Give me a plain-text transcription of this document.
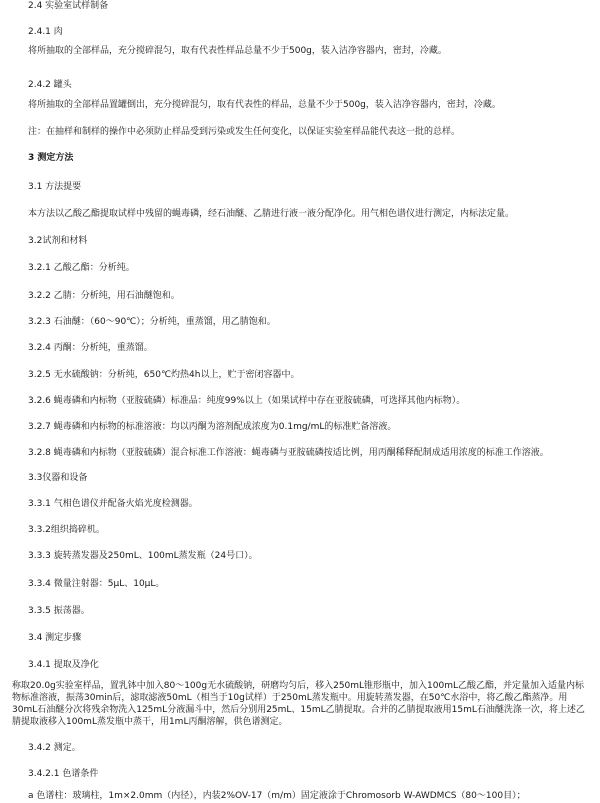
2.4 实验室试样制备

2.4.1 肉

将所抽取的全部样品，充分搅碎混匀，取有代表性样品总量不少于500g，装入洁净容器内，密封，冷藏。

2.4.2 罐头

将所抽取的全部样品置罐倒出，充分搅碎混匀，取有代表性的样品，总量不少于500g，装入洁净容器内，密封，冷藏。

注：在抽样和制样的操作中必须防止样品受到污染或发生任何变化，以保证实验室样品能代表这一批的总样。

3 测定方法

3.1 方法提要

本方法以乙酸乙酯提取试样中残留的蝇毒磷，经石油醚、乙腈进行液一液分配净化。用气相色谱仪进行测定，内标法定量。

3.2试剂和材料

3.2.1 乙酸乙酯：分析纯。

3.2.2 乙腈：分析纯，用石油醚饱和。

3.2.3 石油醚：（60～90℃）；分析纯，重蒸馏，用乙腈饱和。

3.2.4 丙酮：分析纯，重蒸馏。

3.2.5 无水硫酸钠：分析纯，650℃灼热4h以上，贮于密闭容器中。

3.2.6 蝇毒磷和内标物（亚胺硫磷）标准品：纯度99%以上（如果试样中存在亚胺硫磷，可选择其他内标物）。

3.2.7 蝇毒磷和内标物的标准溶液：均以丙酮为溶剂配成浓度为0.1mg/mL的标准贮备溶液。

3.2.8 蝇毒磷和内标物（亚胺硫磷）混合标准工作溶液：蝇毒磷与亚胺硫磷按适比例，用丙酮稀释配制成适用浓度的标准工作溶液。

3.3仪器和设备

3.3.1 气相色谱仪并配备火焰光度检测器。

3.3.2组织捣碎机。

3.3.3 旋转蒸发器及250mL、100mL蒸发瓶（24号口）。

3.3.4 微量注射器：5μL、10μL。

3.3.5 振荡器。

3.4 测定步骤

3.4.1 提取及净化

称取20.0g实验室样品，置乳钵中加入80～100g无水硫酸钠，研磨均匀后，移入250mL锥形瓶中，加入100mL乙酸乙酯，并定量加入适量内标物标准溶液，振荡30min后，滤取滤液50mL（相当于10g试样）于250mL蒸发瓶中。用旋转蒸发器，在50℃水浴中，将乙酸乙酯蒸净。用30mL石油醚分次将残余物洗入125mL分液漏斗中，然后分别用25mL、15mL乙腈提取。合并的乙腈提取液用15mL石油醚洗涤一次，将上述乙腈提取液移入100mL蒸发瓶中蒸干，用1mL丙酮溶解，供色谱测定。

3.4.2 测定。

3.4.2.1 色谱条件

a 色谱柱：玻璃柱，1m×2.0mm（内径），内装2%OV-17（m/m）固定液涂于Chromosorb W-AWDMCS（80～100目）；
